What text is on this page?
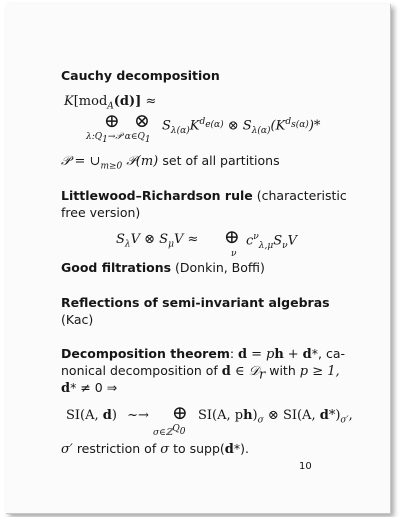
Cauchy decomposition
K[mod$_A$(d)] ≈
⊕ ⊗
$\lambda:Q_1\to 𝒫$ $\alpha\in Q_1$
$S_{\lambda(\alpha)}K^{d_{e(\alpha)}}$ ⊗ $S_{\lambda(\alpha)}(K^{d_{s(\alpha)}})*$
𝒫 = $\cup_{m\ge 0}$ 𝒫(m) set of all partitions
Littlewood–Richardson rule (characteristic
free version)
$S_\lambda V$ ⊗ $S_\mu V$ ≈ ⊕
ν
$c^\nu_{\lambda,\mu}S_\nu V$
Good filtrations (Donkin, Boffi)
Reflections of semi-invariant algebras
(Kac)
Decomposition theorem: d = ph + d*, ca-
nonical decomposition of d ∈ 𝒟$_r$ with p ≥ 1,
d* ≠ 0 ⇒
SI(A, d) ~→ ⊕
σ∈ℤ$^{Q_0}$
SI(A, $ph)_\sigma$ ⊗ SI(A, $d*)_{\sigma'}$,
σ′ restriction of σ to supp(d*).
10
